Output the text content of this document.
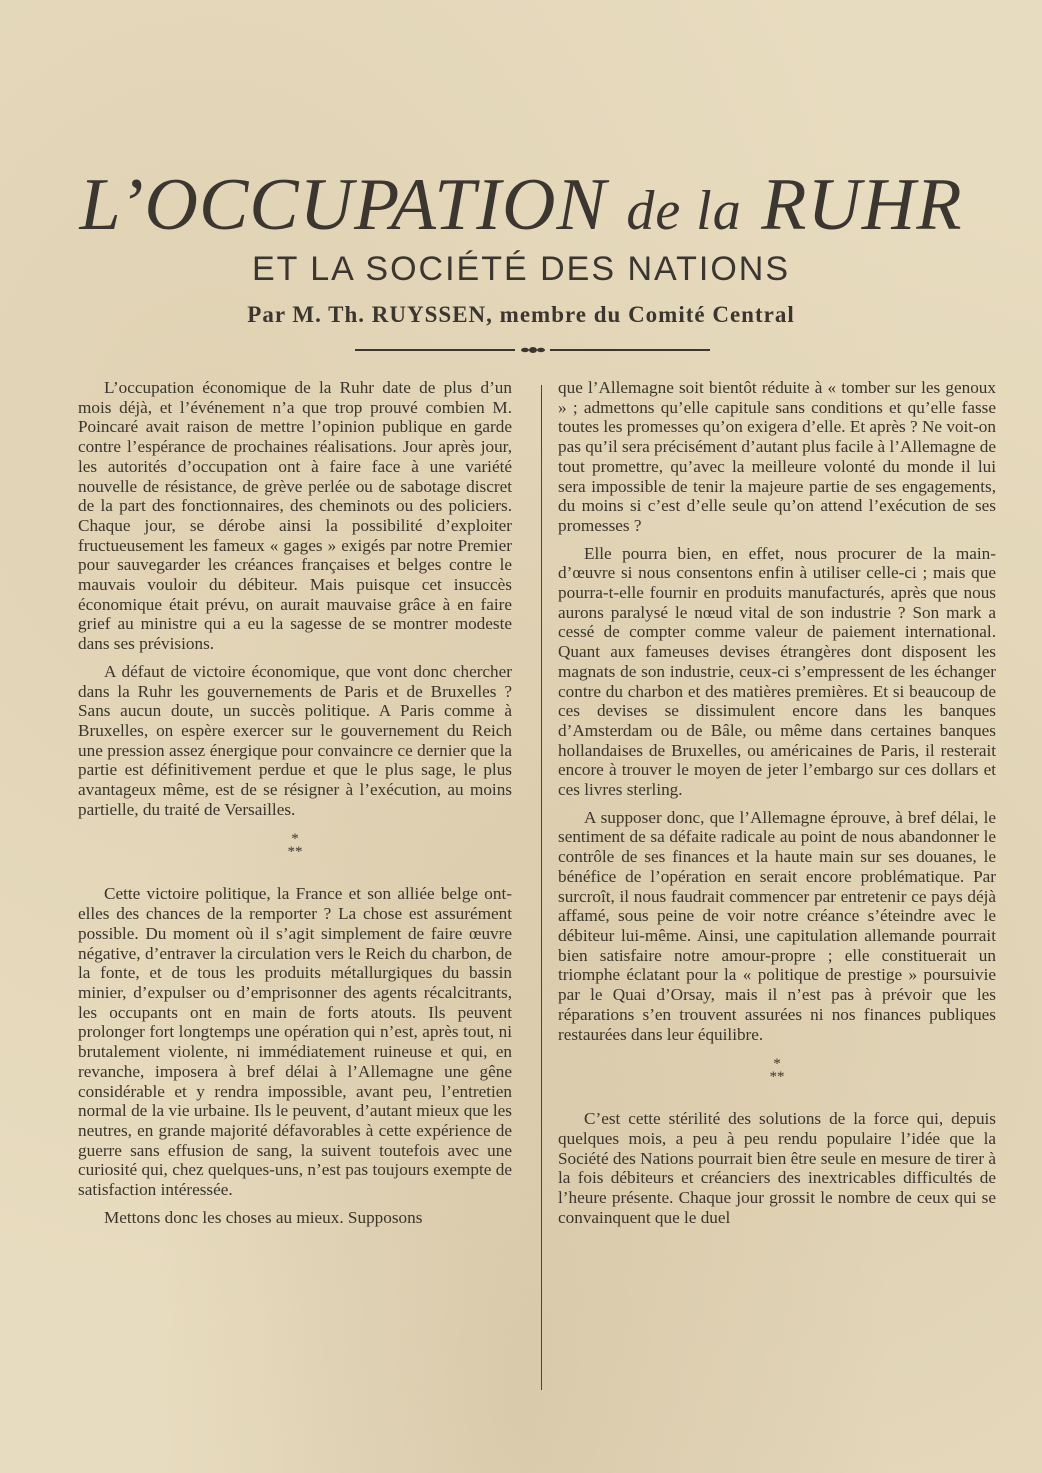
L’OCCUPATION de la RUHR
ET LA SOCIÉTÉ DES NATIONS
Par M. Th. RUYSSEN, membre du Comité Central

L’occupation économique de la Ruhr date de plus d’un mois déjà, et l’événement n’a que trop prouvé combien M. Poincaré avait raison de mettre l’opinion publique en garde contre l’espérance de prochaines réalisations. Jour après jour, les autorités d’occupation ont à faire face à une variété nouvelle de résistance, de grève perlée ou de sabotage discret de la part des fonctionnaires, des cheminots ou des policiers. Chaque jour, se dérobe ainsi la possibilité d’exploiter fructueusement les fameux « gages » exigés par notre Premier pour sauvegarder les créances françaises et belges contre le mauvais vouloir du débiteur. Mais puisque cet insuccès économique était prévu, on aurait mauvaise grâce à en faire grief au ministre qui a eu la sagesse de se montrer modeste dans ses prévisions.

A défaut de victoire économique, que vont donc chercher dans la Ruhr les gouvernements de Paris et de Bruxelles ? Sans aucun doute, un succès politique. A Paris comme à Bruxelles, on espère exercer sur le gouvernement du Reich une pression assez énergique pour convaincre ce dernier que la partie est définitivement perdue et que le plus sage, le plus avantageux même, est de se résigner à l’exécution, au moins partielle, du traité de Versailles.

*
**

Cette victoire politique, la France et son alliée belge ont-elles des chances de la remporter ? La chose est assurément possible. Du moment où il s’agit simplement de faire œuvre négative, d’entraver la circulation vers le Reich du charbon, de la fonte, et de tous les produits métallurgiques du bassin minier, d’expulser ou d’emprisonner des agents récalcitrants, les occupants ont en main de forts atouts. Ils peuvent prolonger fort longtemps une opération qui n’est, après tout, ni brutalement violente, ni immédiatement ruineuse et qui, en revanche, imposera à bref délai à l’Allemagne une gêne considérable et y rendra impossible, avant peu, l’entretien normal de la vie urbaine. Ils le peuvent, d’autant mieux que les neutres, en grande majorité défavorables à cette expérience de guerre sans effusion de sang, la suivent toutefois avec une curiosité qui, chez quelques-uns, n’est pas toujours exempte de satisfaction intéressée.

Mettons donc les choses au mieux. Supposons

que l’Allemagne soit bientôt réduite à « tomber sur les genoux » ; admettons qu’elle capitule sans conditions et qu’elle fasse toutes les promesses qu’on exigera d’elle. Et après ? Ne voit-on pas qu’il sera précisément d’autant plus facile à l’Allemagne de tout promettre, qu’avec la meilleure volonté du monde il lui sera impossible de tenir la majeure partie de ses engagements, du moins si c’est d’elle seule qu’on attend l’exécution de ses promesses ?

Elle pourra bien, en effet, nous procurer de la main-d’œuvre si nous consentons enfin à utiliser celle-ci ; mais que pourra-t-elle fournir en produits manufacturés, après que nous aurons paralysé le nœud vital de son industrie ? Son mark a cessé de compter comme valeur de paiement international. Quant aux fameuses devises étrangères dont disposent les magnats de son industrie, ceux-ci s’empressent de les échanger contre du charbon et des matières premières. Et si beaucoup de ces devises se dissimulent encore dans les banques d’Amsterdam ou de Bâle, ou même dans certaines banques hollandaises de Bruxelles, ou américaines de Paris, il resterait encore à trouver le moyen de jeter l’embargo sur ces dollars et ces livres sterling.

A supposer donc, que l’Allemagne éprouve, à bref délai, le sentiment de sa défaite radicale au point de nous abandonner le contrôle de ses finances et la haute main sur ses douanes, le bénéfice de l’opération en serait encore problématique. Par surcroît, il nous faudrait commencer par entretenir ce pays déjà affamé, sous peine de voir notre créance s’éteindre avec le débiteur lui-même. Ainsi, une capitulation allemande pourrait bien satisfaire notre amour-propre ; elle constituerait un triomphe éclatant pour la « politique de prestige » poursuivie par le Quai d’Orsay, mais il n’est pas à prévoir que les réparations s’en trouvent assurées ni nos finances publiques restaurées dans leur équilibre.

*
**

C’est cette stérilité des solutions de la force qui, depuis quelques mois, a peu à peu rendu populaire l’idée que la Société des Nations pourrait bien être seule en mesure de tirer à la fois débiteurs et créanciers des inextricables difficultés de l’heure présente. Chaque jour grossit le nombre de ceux qui se convainquent que le duel
